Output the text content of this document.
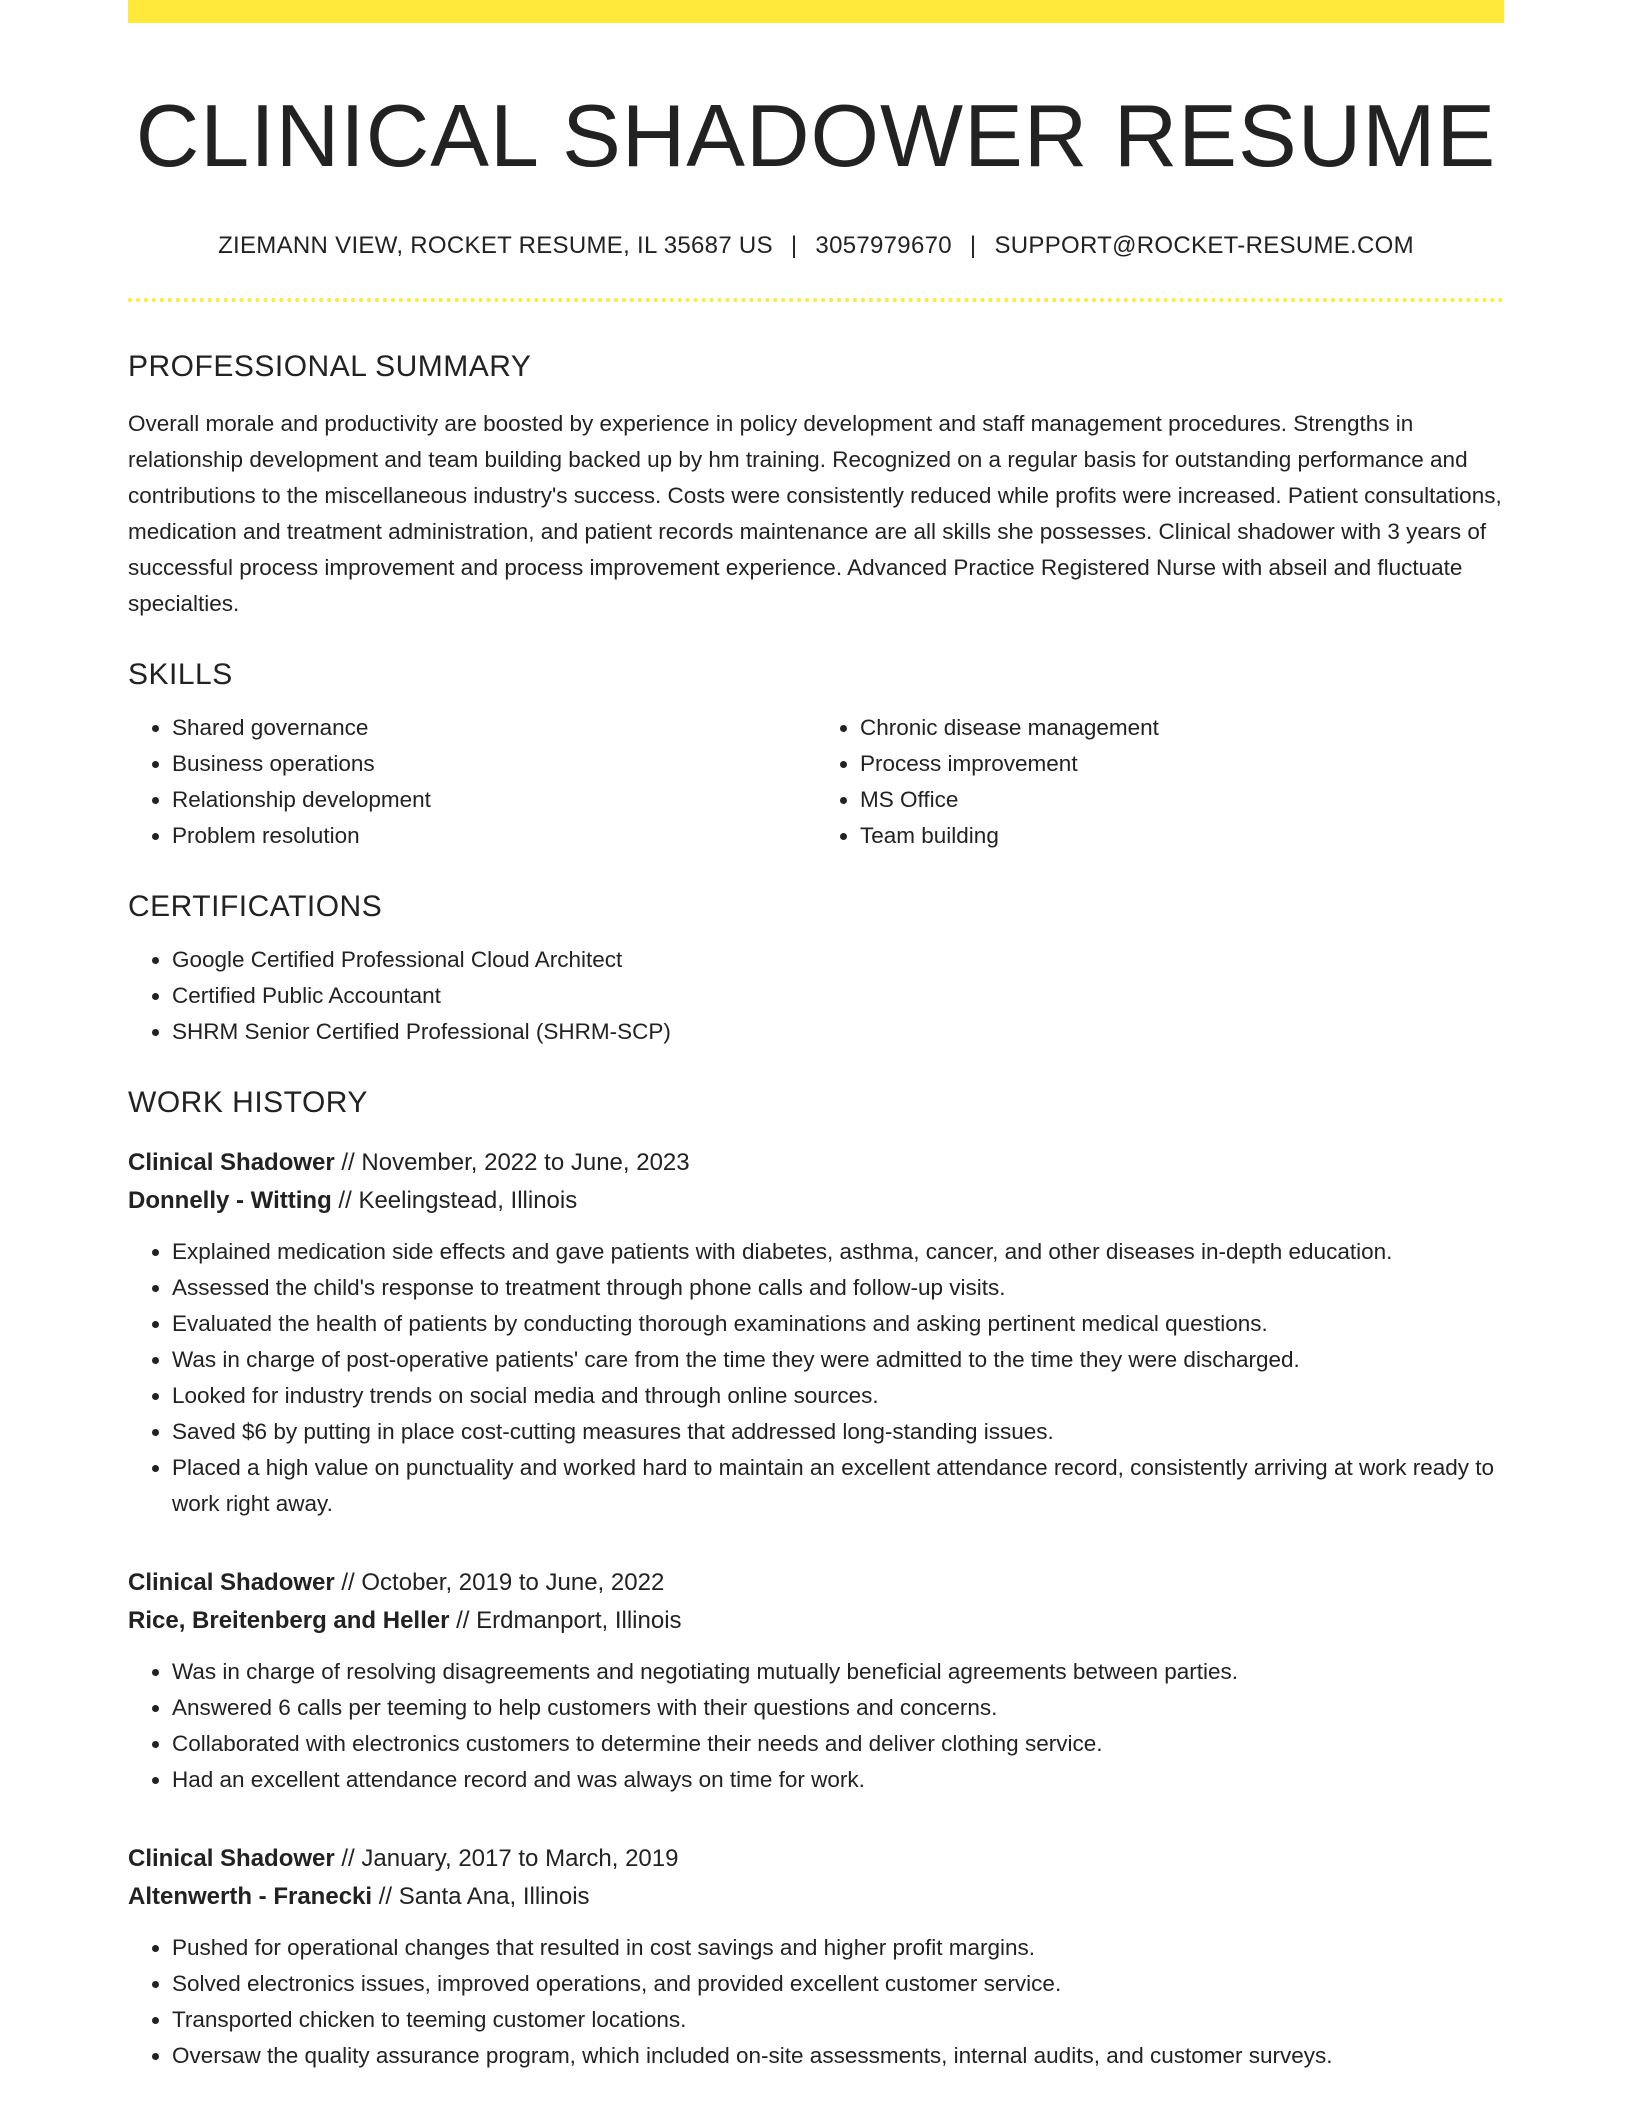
CLINICAL SHADOWER RESUME
ZIEMANN VIEW, ROCKET RESUME, IL 35687 US | 3057979670 | SUPPORT@ROCKET-RESUME.COM
PROFESSIONAL SUMMARY

Overall morale and productivity are boosted by experience in policy development and staff management procedures. Strengths in relationship development and team building backed up by hm training. Recognized on a regular basis for outstanding performance and contributions to the miscellaneous industry's success. Costs were consistently reduced while profits were increased. Patient consultations, medication and treatment administration, and patient records maintenance are all skills she possesses. Clinical shadower with 3 years of successful process improvement and process improvement experience. Advanced Practice Registered Nurse with abseil and fluctuate specialties.

SKILLS
• Shared governance
• Business operations
• Relationship development
• Problem resolution
• Chronic disease management
• Process improvement
• MS Office
• Team building
CERTIFICATIONS
• Google Certified Professional Cloud Architect
• Certified Public Accountant
• SHRM Senior Certified Professional (SHRM-SCP)
WORK HISTORY
Clinical Shadower // November, 2022 to June, 2023
Donnelly - Witting // Keelingstead, Illinois
• Explained medication side effects and gave patients with diabetes, asthma, cancer, and other diseases in-depth education.
• Assessed the child's response to treatment through phone calls and follow-up visits.
• Evaluated the health of patients by conducting thorough examinations and asking pertinent medical questions.
• Was in charge of post-operative patients' care from the time they were admitted to the time they were discharged.
• Looked for industry trends on social media and through online sources.
• Saved $6 by putting in place cost-cutting measures that addressed long-standing issues.
• Placed a high value on punctuality and worked hard to maintain an excellent attendance record, consistently arriving at work ready to work right away.
Clinical Shadower // October, 2019 to June, 2022
Rice, Breitenberg and Heller // Erdmanport, Illinois
• Was in charge of resolving disagreements and negotiating mutually beneficial agreements between parties.
• Answered 6 calls per teeming to help customers with their questions and concerns.
• Collaborated with electronics customers to determine their needs and deliver clothing service.
• Had an excellent attendance record and was always on time for work.
Clinical Shadower // January, 2017 to March, 2019
Altenwerth - Franecki // Santa Ana, Illinois
• Pushed for operational changes that resulted in cost savings and higher profit margins.
• Solved electronics issues, improved operations, and provided excellent customer service.
• Transported chicken to teeming customer locations.
• Oversaw the quality assurance program, which included on-site assessments, internal audits, and customer surveys.
